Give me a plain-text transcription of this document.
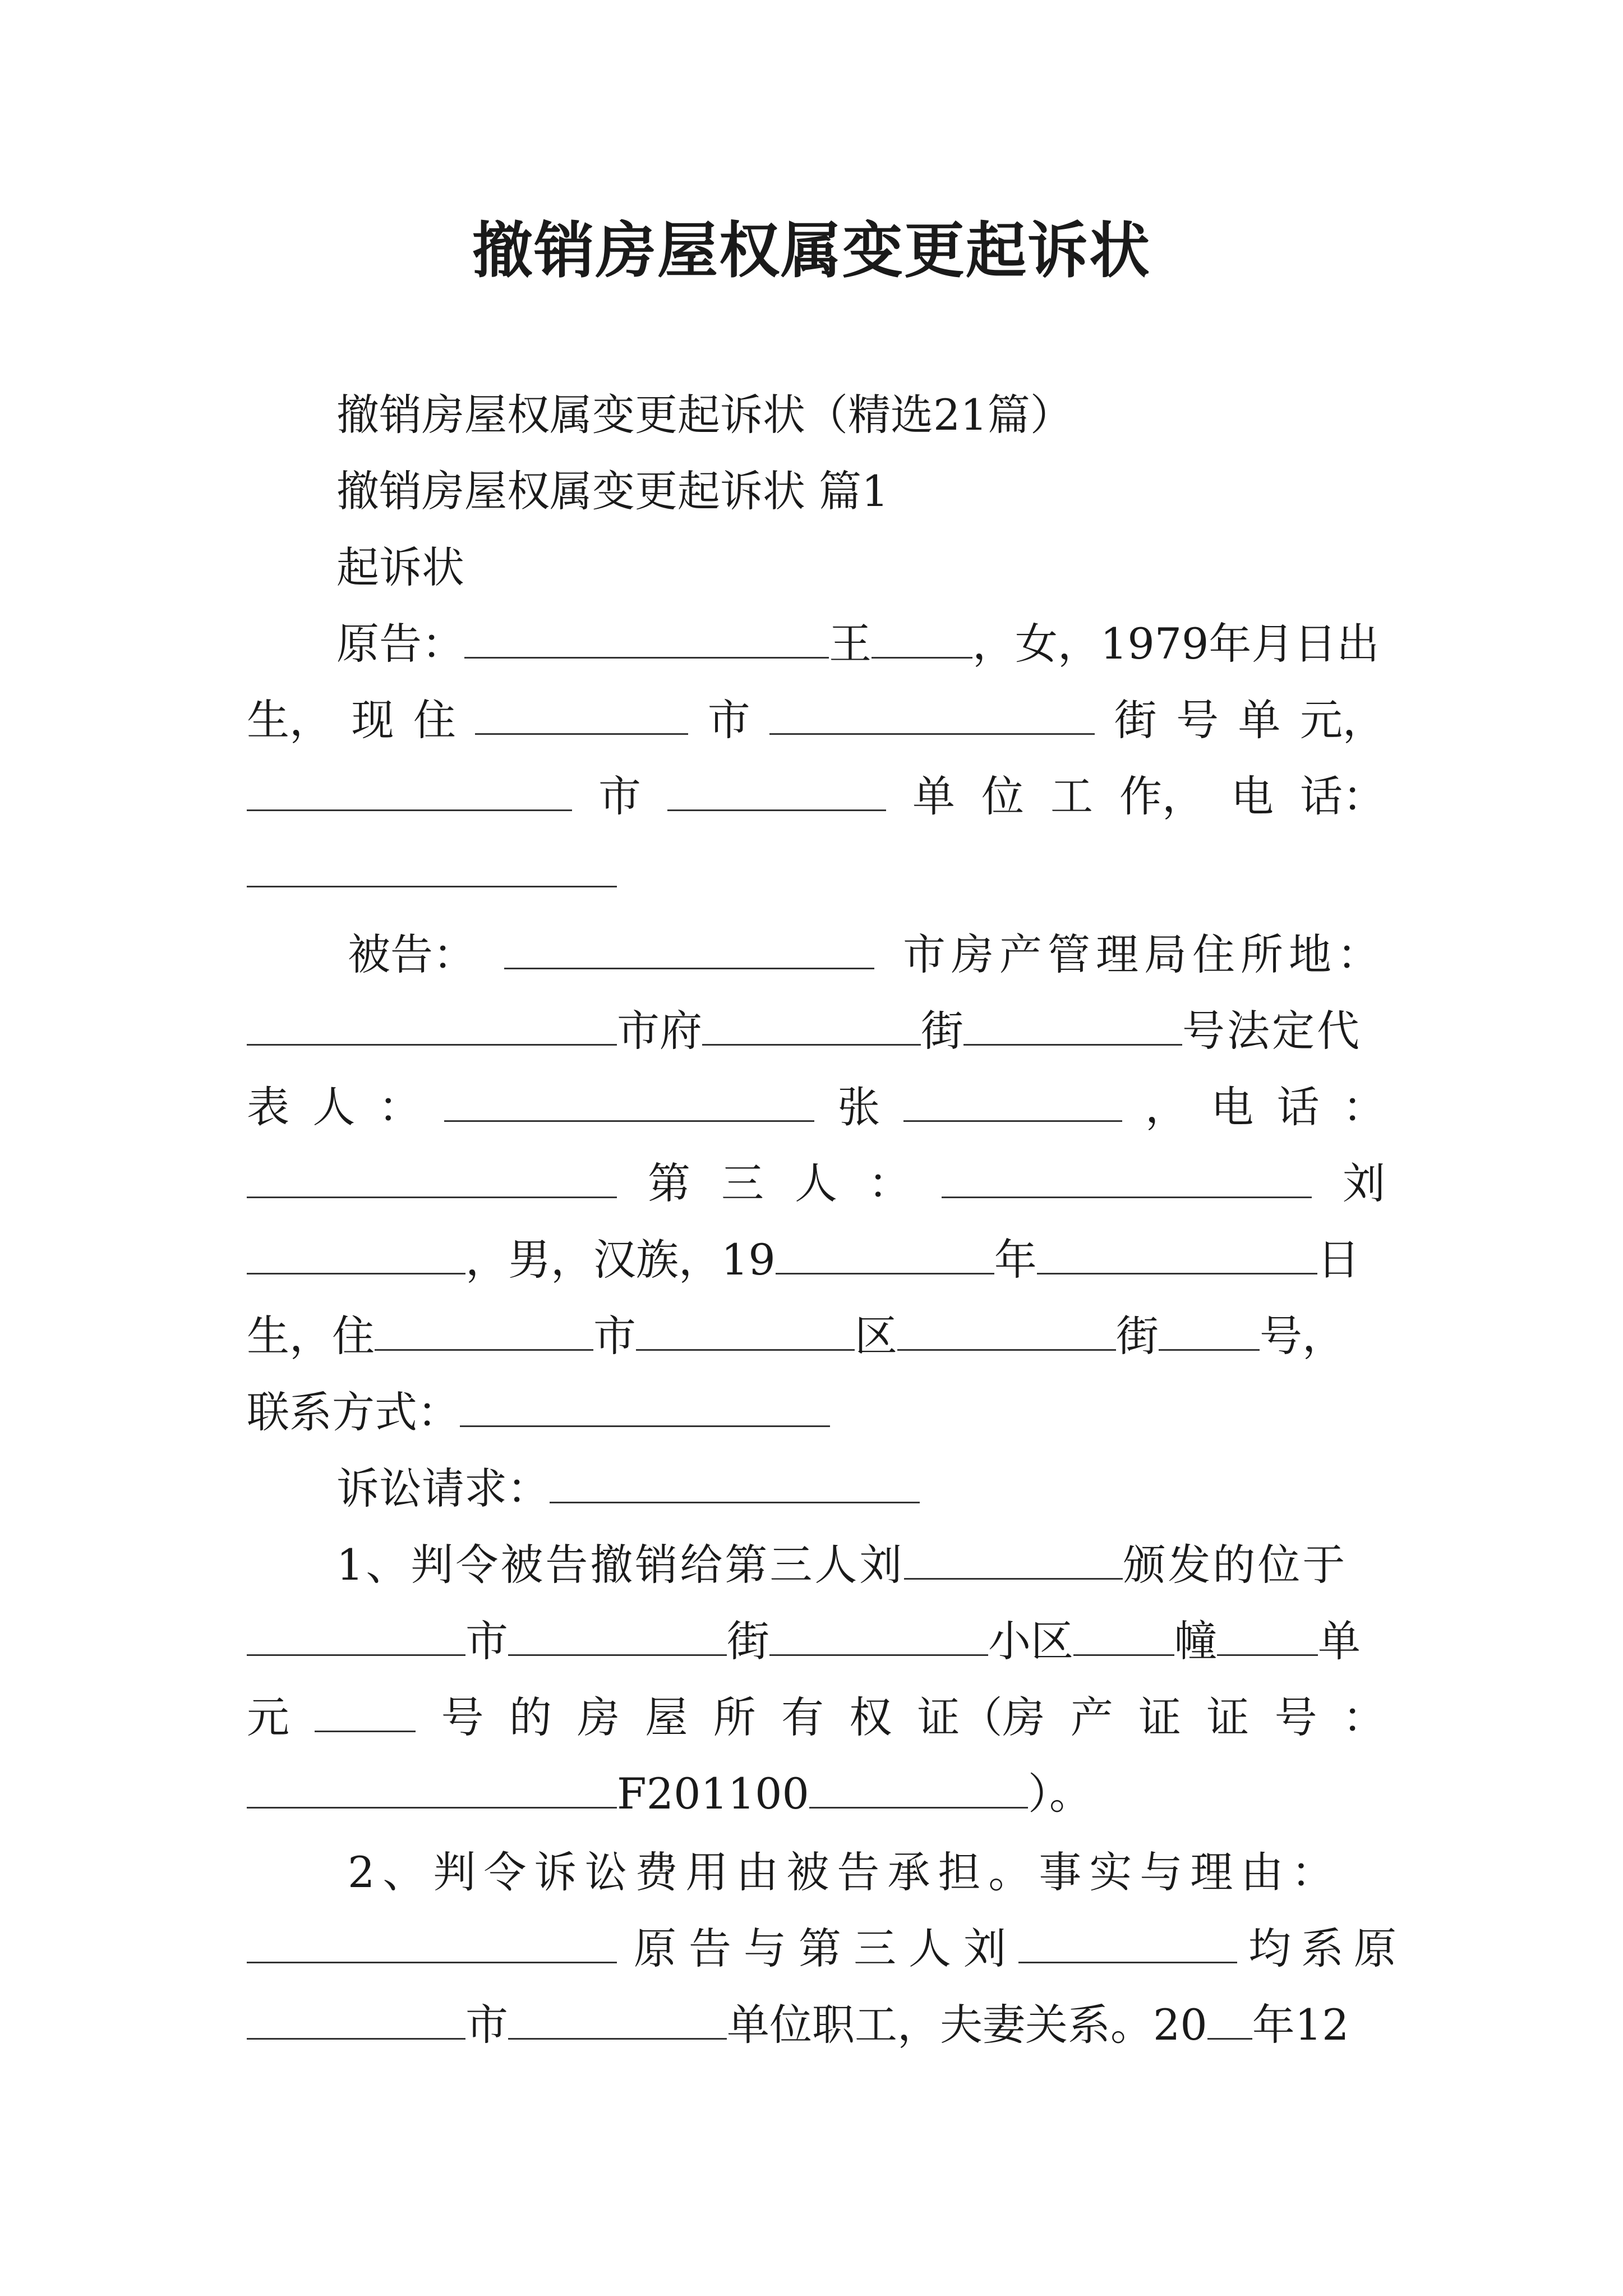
撤销房屋权属变更起诉状
撤销房屋权属变更起诉状（精选21篇）
撤销房屋权属变更起诉状 篇1
起诉状
原告：	王 ，女，1979年月日出
生， 现 住	市	街 号 单 元，
市	单 位 工 作， 电 话：
被告：	市房产管理局住所地：
市府	街	号法定代
表 人 ：	张	， 电 话 ：
第 三 人 ：	刘
，男，汉族，19	年	日
生，住	市	区	街 号，
联系方式：
诉讼请求：
1、判令被告撤销给第三人刘	颁发的位于
市	街	小区 幢 单
元	号 的 房 屋 所 有 权 证（房 产 证 证 号 ：
F201100	）。
2、判令诉讼费用由被告承担。事实与理由：
原告与第三人刘	均系原
市	单位职工，夫妻关系。20 年12
